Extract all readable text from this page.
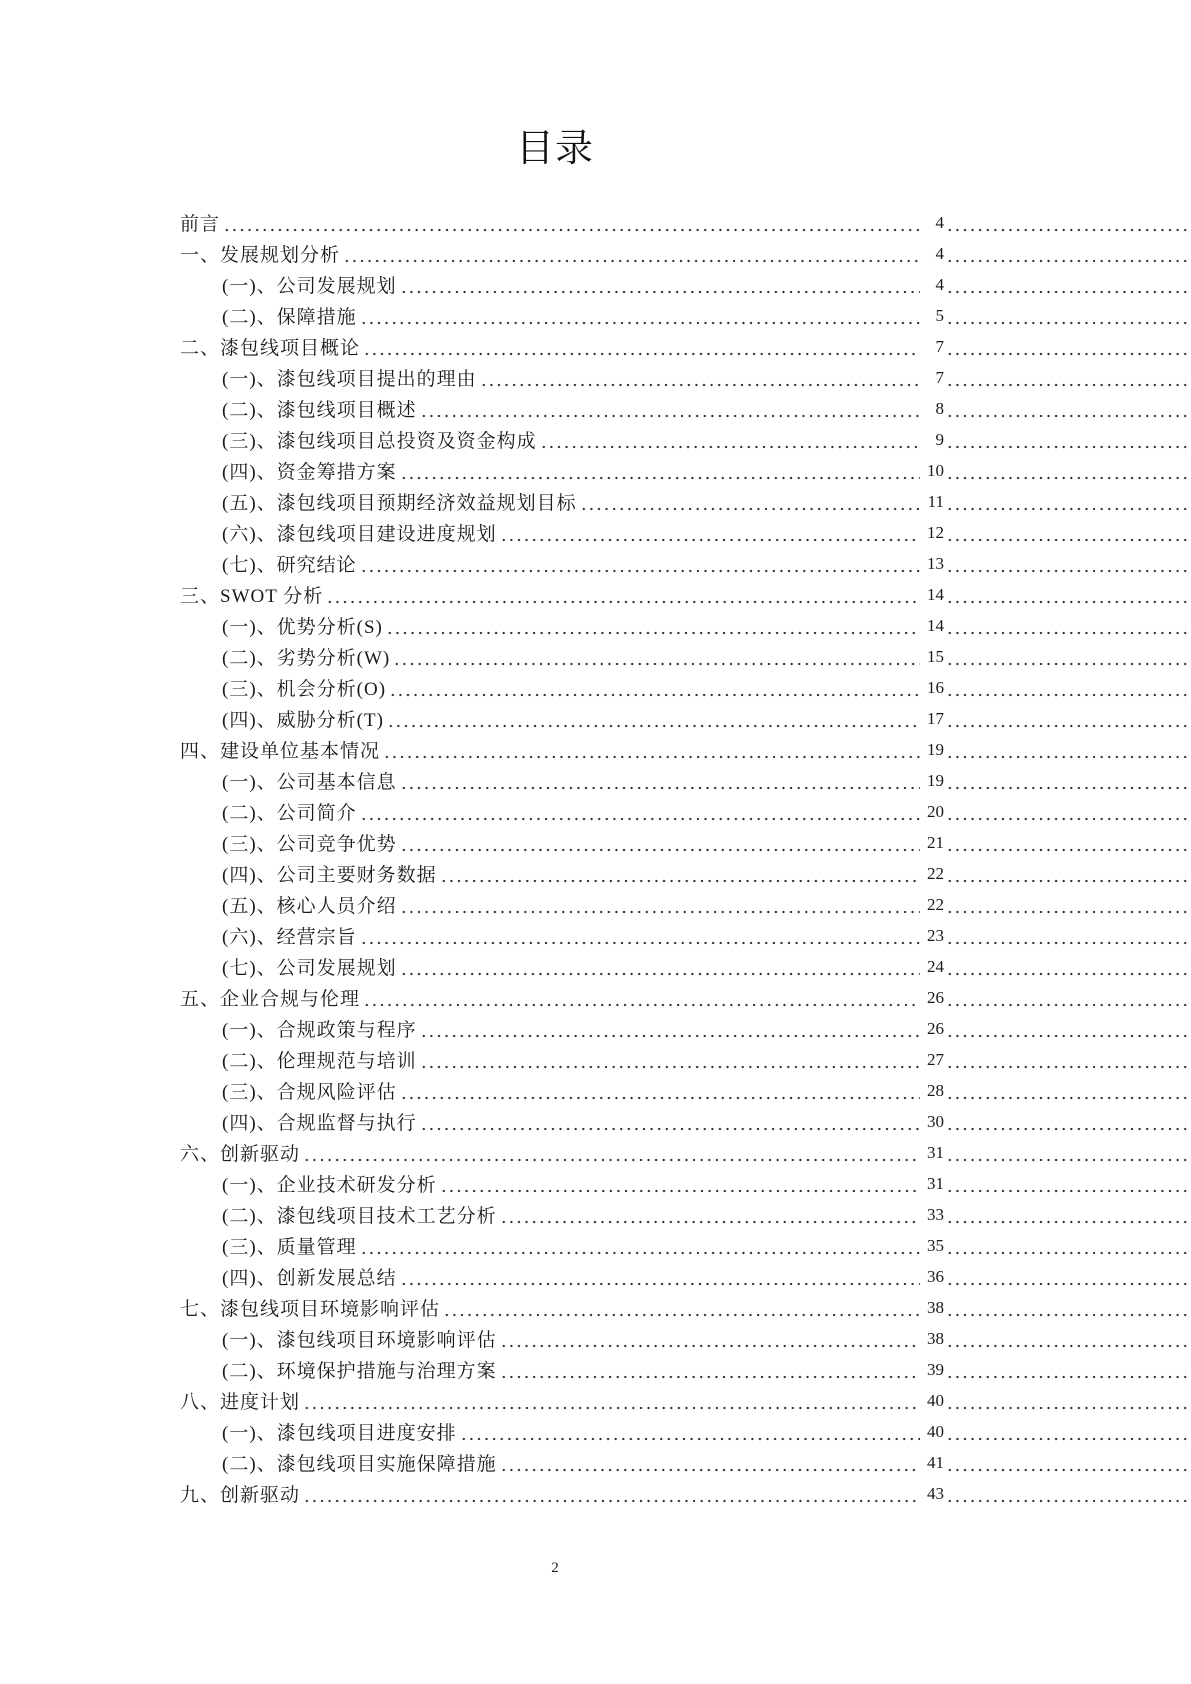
目录
前言	4
一、发展规划分析	4
(一)、公司发展规划	4
(二)、保障措施	5
二、漆包线项目概论	7
(一)、漆包线项目提出的理由	7
(二)、漆包线项目概述	8
(三)、漆包线项目总投资及资金构成	9
(四)、资金筹措方案	10
(五)、漆包线项目预期经济效益规划目标	11
(六)、漆包线项目建设进度规划	12
(七)、研究结论	13
三、SWOT 分析	14
(一)、优势分析(S)	14
(二)、劣势分析(W)	15
(三)、机会分析(O)	16
(四)、威胁分析(T)	17
四、建设单位基本情况	19
(一)、公司基本信息	19
(二)、公司简介	20
(三)、公司竞争优势	21
(四)、公司主要财务数据	22
(五)、核心人员介绍	22
(六)、经营宗旨	23
(七)、公司发展规划	24
五、企业合规与伦理	26
(一)、合规政策与程序	26
(二)、伦理规范与培训	27
(三)、合规风险评估	28
(四)、合规监督与执行	30
六、创新驱动	31
(一)、企业技术研发分析	31
(二)、漆包线项目技术工艺分析	33
(三)、质量管理	35
(四)、创新发展总结	36
七、漆包线项目环境影响评估	38
(一)、漆包线项目环境影响评估	38
(二)、环境保护措施与治理方案	39
八、进度计划	40
(一)、漆包线项目进度安排	40
(二)、漆包线项目实施保障措施	41
九、创新驱动	43
2
